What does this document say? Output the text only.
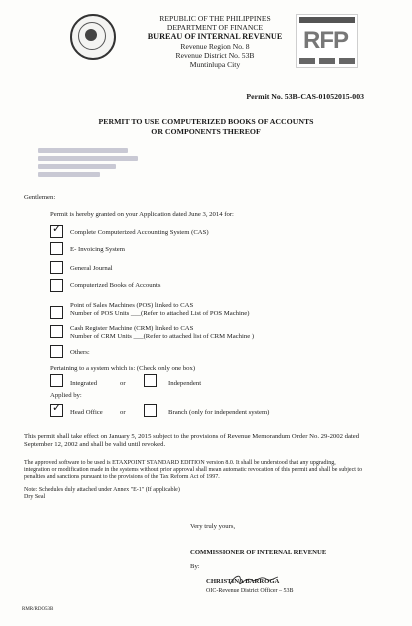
REPUBLIC OF THE PHILIPPINES
DEPARTMENT OF FINANCE
BUREAU OF INTERNAL REVENUE
Revenue Region No. 8
Revenue District No. 53B
Muntinlupa City
RFP
Permit No. 53B-CAS-01052015-003
PERMIT TO USE COMPUTERIZED BOOKS OF ACCOUNTS
OR COMPONENTS THEREOF
Gentlemen:
Permit is hereby granted on your Application dated June 3, 2014 for:
✓ Complete Computerized Accounting System (CAS)
E- Invoicing System
General Journal
Computerized Books of Accounts
Point of Sales Machines (POS) linked to CAS
Number of POS Units ___(Refer to attached List of POS Machine)
Cash Register Machine (CRM) linked to CAS
Number of CRM Units ___(Refer to attached list of CRM Machine )
Others:
Pertaining to a system which is: (Check only one box)
Integrated	or	Independent
Applied by:
✓ Head Office	or	Branch (only for independent system)
This permit shall take effect on January 5, 2015 subject to the provisions of Revenue Memorandum Order No. 29-2002 dated
September 12, 2002 and shall be valid until revoked.
The approved software to be used is ETAXPOINT STANDARD EDITION version 8.0. It shall be understood that any upgrading,
integration or modification made in the systems without prior approval shall mean automatic revocation of this permit and shall be subject to
penalties and sanctions pursuant to the provisions of the Tax Reform Act of 1997.
Note: Schedules duly attached under Annex "E-1" (If applicable)
Dry Seal
Very truly yours,
COMMISSIONER OF INTERNAL REVENUE
By:
CHRISTINA BARROGA
OIC-Revenue District Officer – 53B
RMR/RDO53B
